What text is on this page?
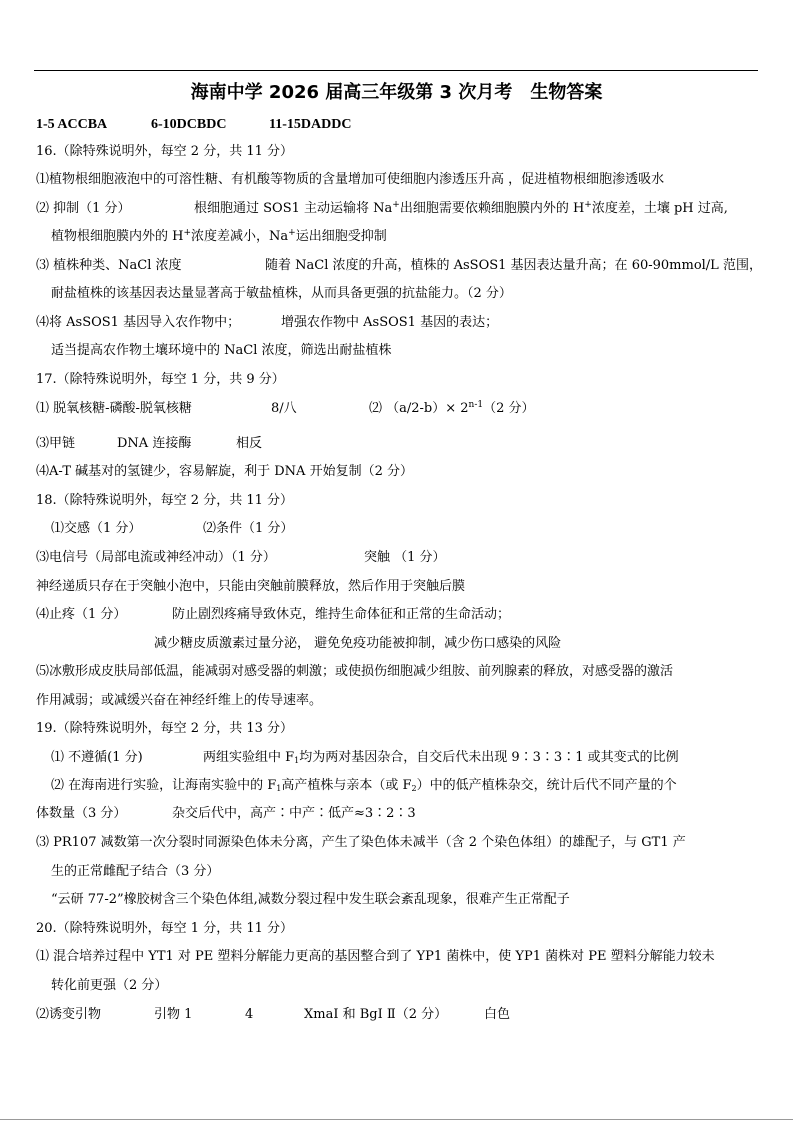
海南中学 2026 届高三年级第 3 次月考　生物答案
1-5 ACCBA	6-10DCBDC	11-15DADDC
16.（除特殊说明外，每空 2 分，共 11 分）
⑴植物根细胞液泡中的可溶性糖、有机酸等物质的含量增加可使细胞内渗透压升高 ，促进植物根细胞渗透吸水
⑵ 抑制（1 分）	根细胞通过 SOS1 主动运输将 Na+出细胞需要依赖细胞膜内外的 H+浓度差，土壤 pH 过高,
植物根细胞膜内外的 H+浓度差减小，Na+运出细胞受抑制
⑶ 植株种类、NaCl 浓度	随着 NaCl 浓度的升高，植株的 AsSOS1 基因表达量升高；在 60-90mmol/L 范围，
耐盐植株的该基因表达量显著高于敏盐植株，从而具备更强的抗盐能力。（2 分）
⑷将 AsSOS1 基因导入农作物中；	增强农作物中 AsSOS1 基因的表达；
适当提高农作物土壤环境中的 NaCl 浓度，筛选出耐盐植株
17.（除特殊说明外，每空 1 分，共 9 分）
⑴ 脱氧核糖-磷酸-脱氧核糖	8/八	⑵ $(a/2-b)\times 2^{n-1}(2$ 分）
⑶甲链	DNA 连接酶	相反
⑷A-T 碱基对的氢键少，容易解旋，利于 DNA 开始复制（2 分）
18.（除特殊说明外，每空 2 分，共 11 分）
⑴交感（1 分）	⑵条件（1 分）
⑶电信号（局部电流或神经冲动）（1 分）	突触 （1 分）
神经递质只存在于突触小泡中，只能由突触前膜释放，然后作用于突触后膜
⑷止疼（1 分）	防止剧烈疼痛导致休克，维持生命体征和正常的生命活动；
减少糖皮质激素过量分泌， 避免免疫功能被抑制，减少伤口感染的风险
⑸冰敷形成皮肤局部低温，能减弱对感受器的刺激；或使损伤细胞减少组胺、前列腺素的释放，对感受器的激活
作用减弱；或减缓兴奋在神经纤维上的传导速率。
19.（除特殊说明外，每空 2 分，共 13 分）
⑴ 不遵循(1 分)	两组实验组中 $F_1$均为两对基因杂合，自交后代未出现 9∶3∶3∶1 或其变式的比例
⑵ 在海南进行实验，让海南实验中的 $F_1$高产植株与亲本（或 $F_2$）中的低产植株杂交，统计后代不同产量的个
体数量（3 分）	杂交后代中，高产∶中产∶低产≈3∶2∶3
⑶ PR107 减数第一次分裂时同源染色体未分离，产生了染色体未减半（含 2 个染色体组）的雄配子，与 GT1 产
生的正常雌配子结合（3 分）
“云研 77-2”橡胶树含三个染色体组,减数分裂过程中发生联会紊乱现象，很难产生正常配子
20.（除特殊说明外，每空 1 分，共 11 分）
⑴ 混合培养过程中 YT1 对 PE 塑料分解能力更高的基因整合到了 YP1 菌株中，使 YP1 菌株对 PE 塑料分解能力较未
转化前更强（2 分）
⑵诱变引物	引物 1	4	XmaI 和 BgI Ⅱ（2 分）	白色
